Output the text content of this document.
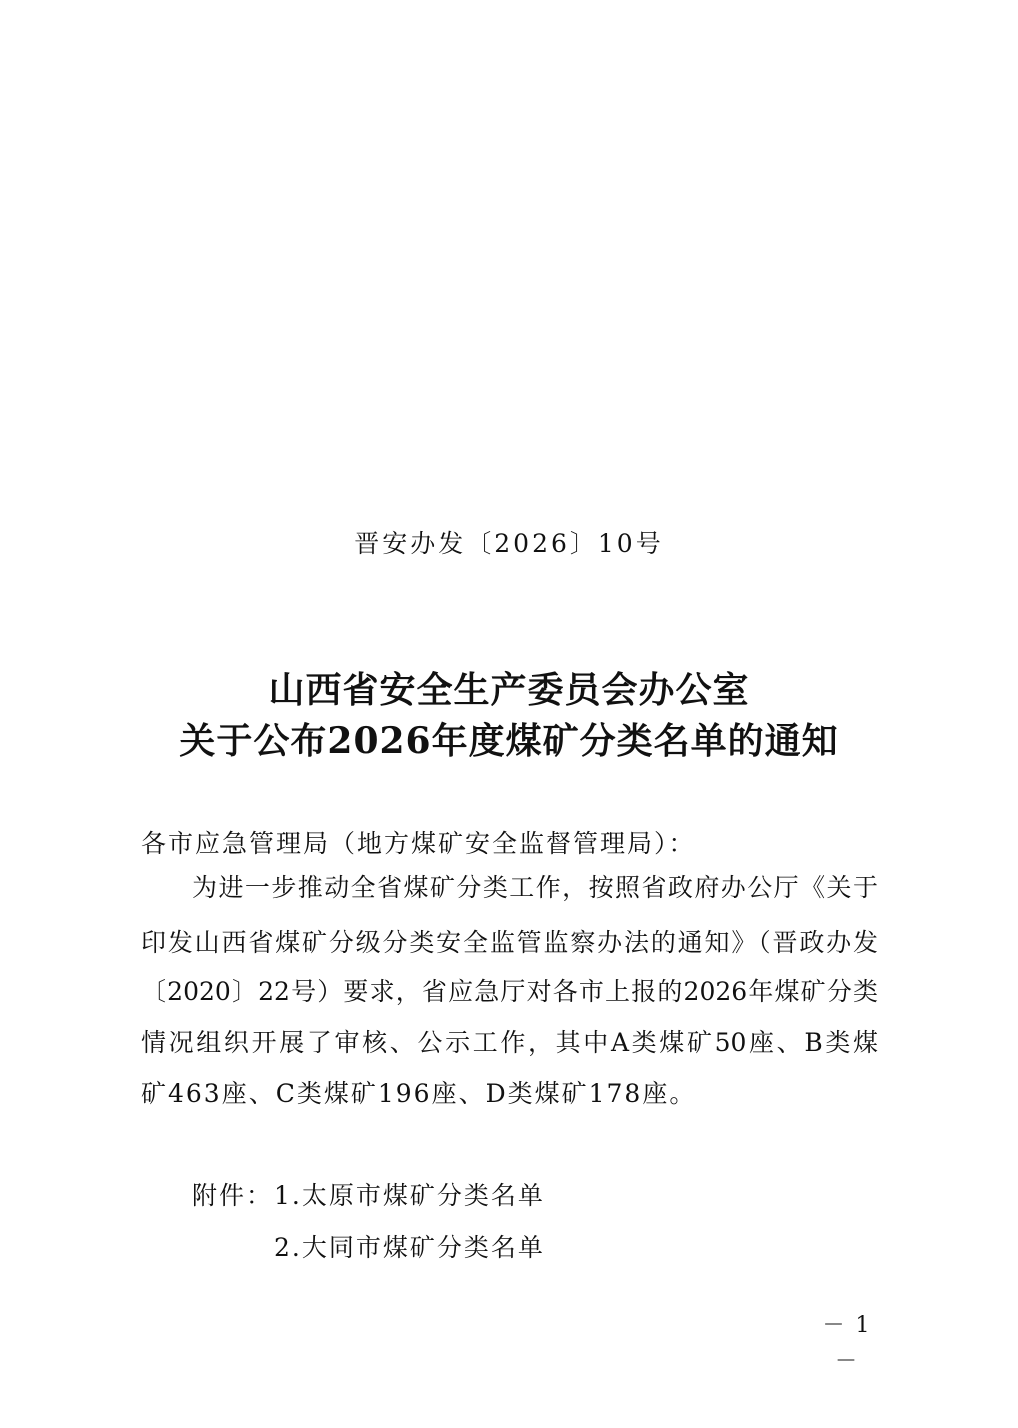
晋安办发〔2026〕10号
山西省安全生产委员会办公室
关于公布2026年度煤矿分类名单的通知
各市应急管理局（地方煤矿安全监督管理局）：
为进一步推动全省煤矿分类工作，按照省政府办公厅《关于
印发山西省煤矿分级分类安全监管监察办法的通知》（晋政办发
〔2020〕22号）要求，省应急厅对各市上报的2026年煤矿分类
情况组织开展了审核、公示工作，其中A类煤矿50座、B类煤
矿463座、C类煤矿196座、D类煤矿178座。
附件： 1.太原市煤矿分类名单
2.大同市煤矿分类名单
－ 1 －
